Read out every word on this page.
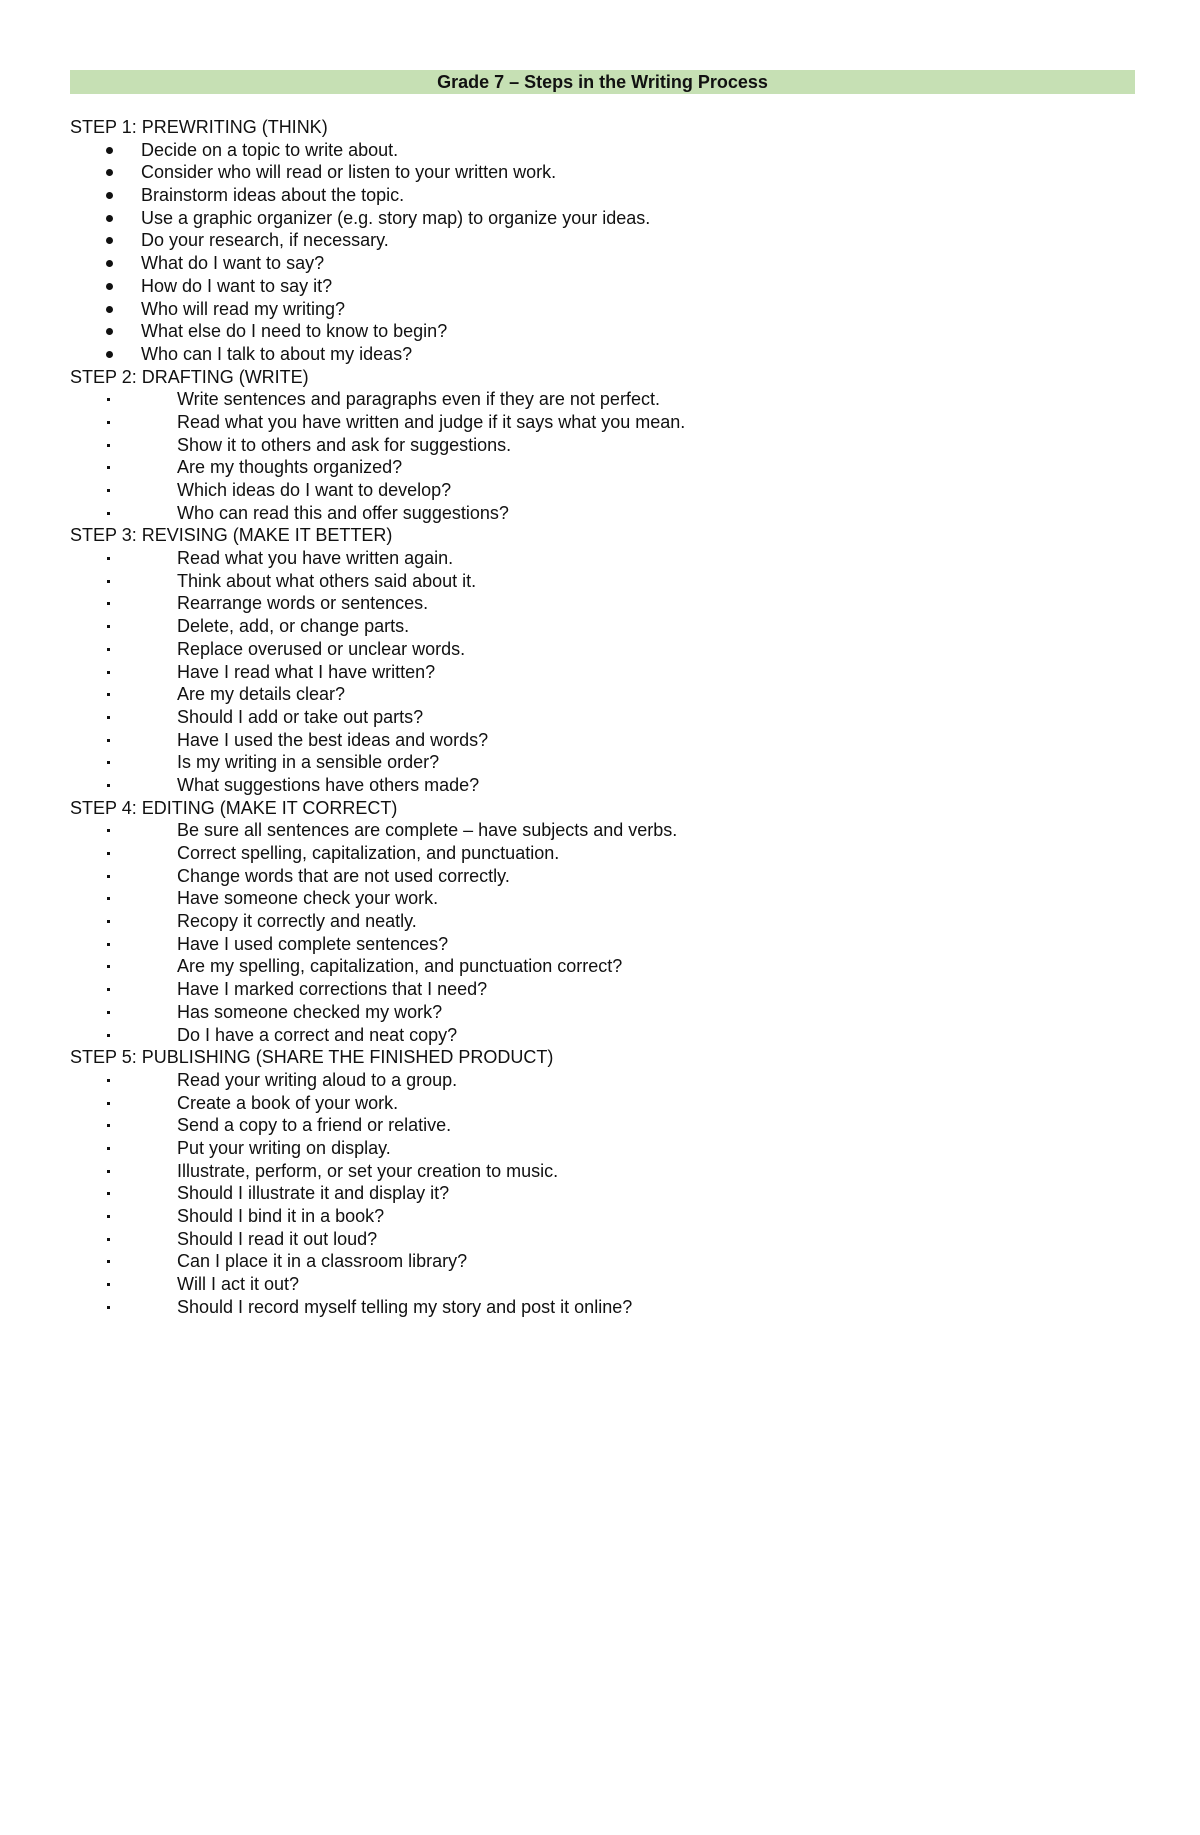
Grade 7 – Steps in the Writing Process
STEP 1: PREWRITING (THINK)
Decide on a topic to write about.
Consider who will read or listen to your written work.
Brainstorm ideas about the topic.
Use a graphic organizer (e.g. story map) to organize your ideas.
Do your research, if necessary.
What do I want to say?
How do I want to say it?
Who will read my writing?
What else do I need to know to begin?
Who can I talk to about my ideas?
STEP 2: DRAFTING (WRITE)
Write sentences and paragraphs even if they are not perfect.
Read what you have written and judge if it says what you mean.
Show it to others and ask for suggestions.
Are my thoughts organized?
Which ideas do I want to develop?
Who can read this and offer suggestions?
STEP 3: REVISING (MAKE IT BETTER)
Read what you have written again.
Think about what others said about it.
Rearrange words or sentences.
Delete, add, or change parts.
Replace overused or unclear words.
Have I read what I have written?
Are my details clear?
Should I add or take out parts?
Have I used the best ideas and words?
Is my writing in a sensible order?
What suggestions have others made?
STEP 4: EDITING (MAKE IT CORRECT)
Be sure all sentences are complete – have subjects and verbs.
Correct spelling, capitalization, and punctuation.
Change words that are not used correctly.
Have someone check your work.
Recopy it correctly and neatly.
Have I used complete sentences?
Are my spelling, capitalization, and punctuation correct?
Have I marked corrections that I need?
Has someone checked my work?
Do I have a correct and neat copy?
STEP 5: PUBLISHING (SHARE THE FINISHED PRODUCT)
Read your writing aloud to a group.
Create a book of your work.
Send a copy to a friend or relative.
Put your writing on display.
Illustrate, perform, or set your creation to music.
Should I illustrate it and display it?
Should I bind it in a book?
Should I read it out loud?
Can I place it in a classroom library?
Will I act it out?
Should I record myself telling my story and post it online?
